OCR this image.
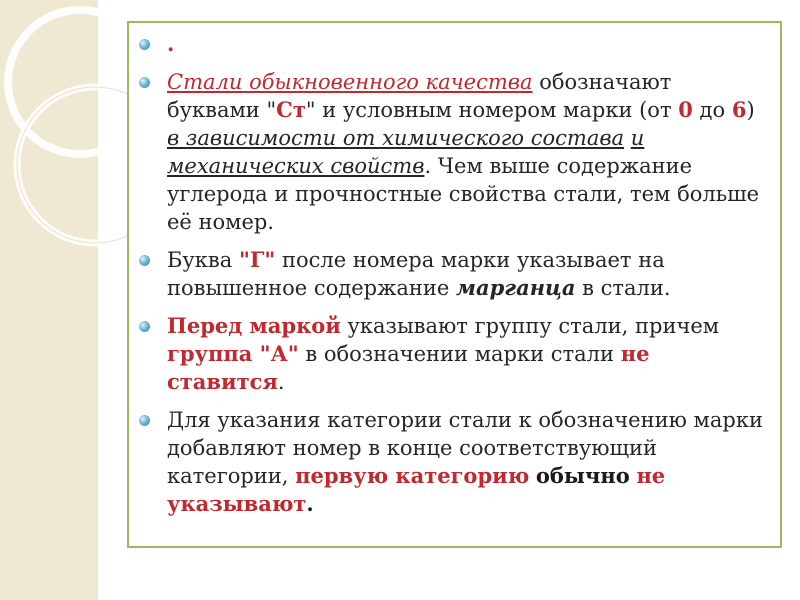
.
Стали обыкновенного качества обозначают буквами "Ст" и условным номером марки (от 0 до 6) в зависимости от химического состава и механических свойств. Чем выше содержание углерода и прочностные свойства стали, тем больше её номер.
Буква "Г" после номера марки указывает на повышенное содержание марганца в стали.
Перед маркой указывают группу стали, причем группа "А" в обозначении марки стали не ставится.
Для указания категории стали к обозначению марки добавляют номер в конце соответствующий категории, первую категорию обычно не указывают.
